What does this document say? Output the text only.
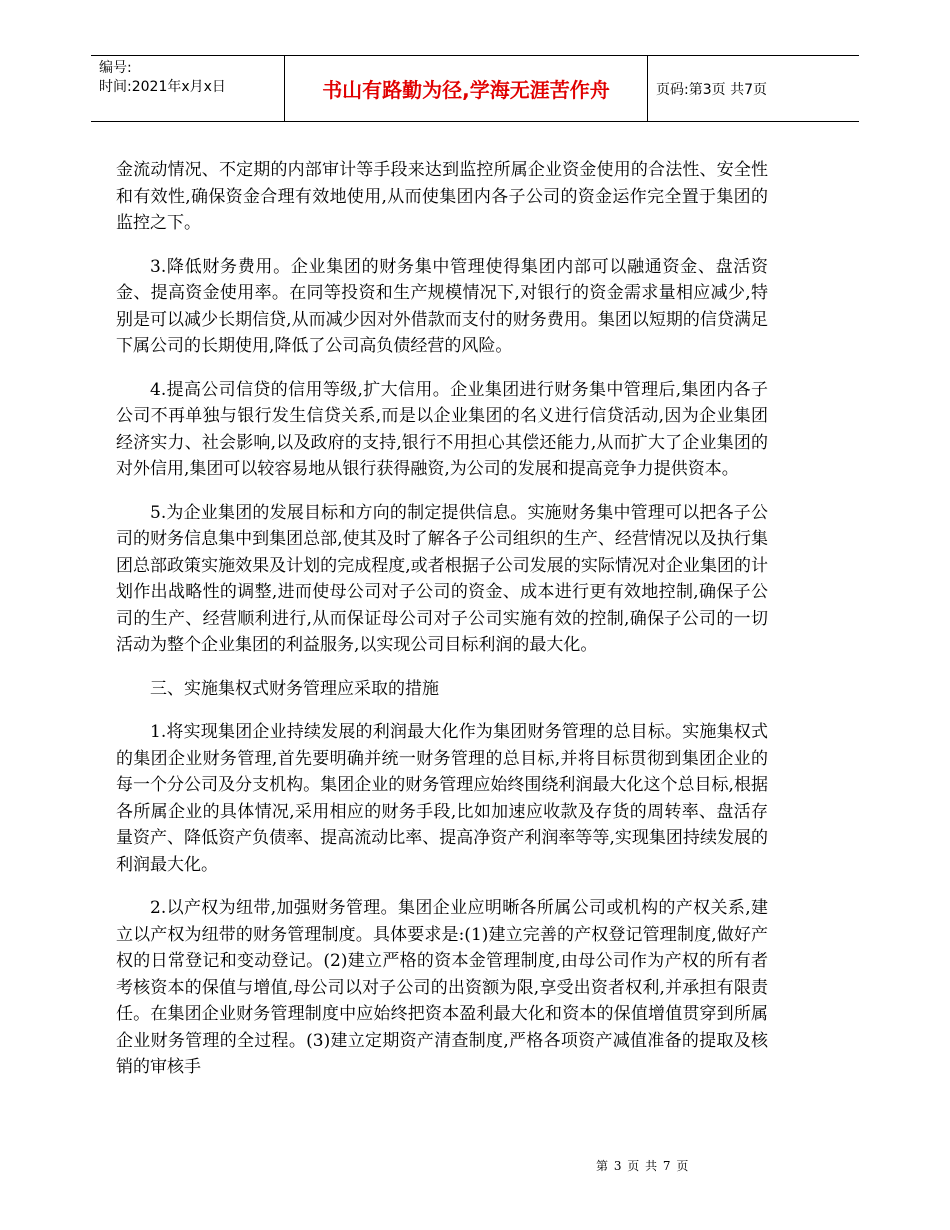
编号:
时间:2021年x月x日	书山有路勤为径,学海无涯苦作舟	页码:第3页 共7页

金流动情况、不定期的内部审计等手段来达到监控所属企业资金使用的合法性、安全性和有效性,确保资金合理有效地使用,从而使集团内各子公司的资金运作完全置于集团的监控之下。

3.降低财务费用。企业集团的财务集中管理使得集团内部可以融通资金、盘活资金、提高资金使用率。在同等投资和生产规模情况下,对银行的资金需求量相应减少,特别是可以减少长期信贷,从而减少因对外借款而支付的财务费用。集团以短期的信贷满足下属公司的长期使用,降低了公司高负债经营的风险。

4.提高公司信贷的信用等级,扩大信用。企业集团进行财务集中管理后,集团内各子公司不再单独与银行发生信贷关系,而是以企业集团的名义进行信贷活动,因为企业集团经济实力、社会影响,以及政府的支持,银行不用担心其偿还能力,从而扩大了企业集团的对外信用,集团可以较容易地从银行获得融资,为公司的发展和提高竞争力提供资本。

5.为企业集团的发展目标和方向的制定提供信息。实施财务集中管理可以把各子公司的财务信息集中到集团总部,使其及时了解各子公司组织的生产、经营情况以及执行集团总部政策实施效果及计划的完成程度,或者根据子公司发展的实际情况对企业集团的计划作出战略性的调整,进而使母公司对子公司的资金、成本进行更有效地控制,确保子公司的生产、经营顺利进行,从而保证母公司对子公司实施有效的控制,确保子公司的一切活动为整个企业集团的利益服务,以实现公司目标利润的最大化。

三、实施集权式财务管理应采取的措施

1.将实现集团企业持续发展的利润最大化作为集团财务管理的总目标。实施集权式的集团企业财务管理,首先要明确并统一财务管理的总目标,并将目标贯彻到集团企业的每一个分公司及分支机构。集团企业的财务管理应始终围绕利润最大化这个总目标,根据各所属企业的具体情况,采用相应的财务手段,比如加速应收款及存货的周转率、盘活存量资产、降低资产负债率、提高流动比率、提高净资产利润率等等,实现集团持续发展的利润最大化。

2.以产权为纽带,加强财务管理。集团企业应明晰各所属公司或机构的产权关系,建立以产权为纽带的财务管理制度。具体要求是:(1)建立完善的产权登记管理制度,做好产权的日常登记和变动登记。(2)建立严格的资本金管理制度,由母公司作为产权的所有者考核资本的保值与增值,母公司以对子公司的出资额为限,享受出资者权利,并承担有限责任。在集团企业财务管理制度中应始终把资本盈利最大化和资本的保值增值贯穿到所属企业财务管理的全过程。(3)建立定期资产清查制度,严格各项资产减值准备的提取及核销的审核手

第 3 页 共 7 页
